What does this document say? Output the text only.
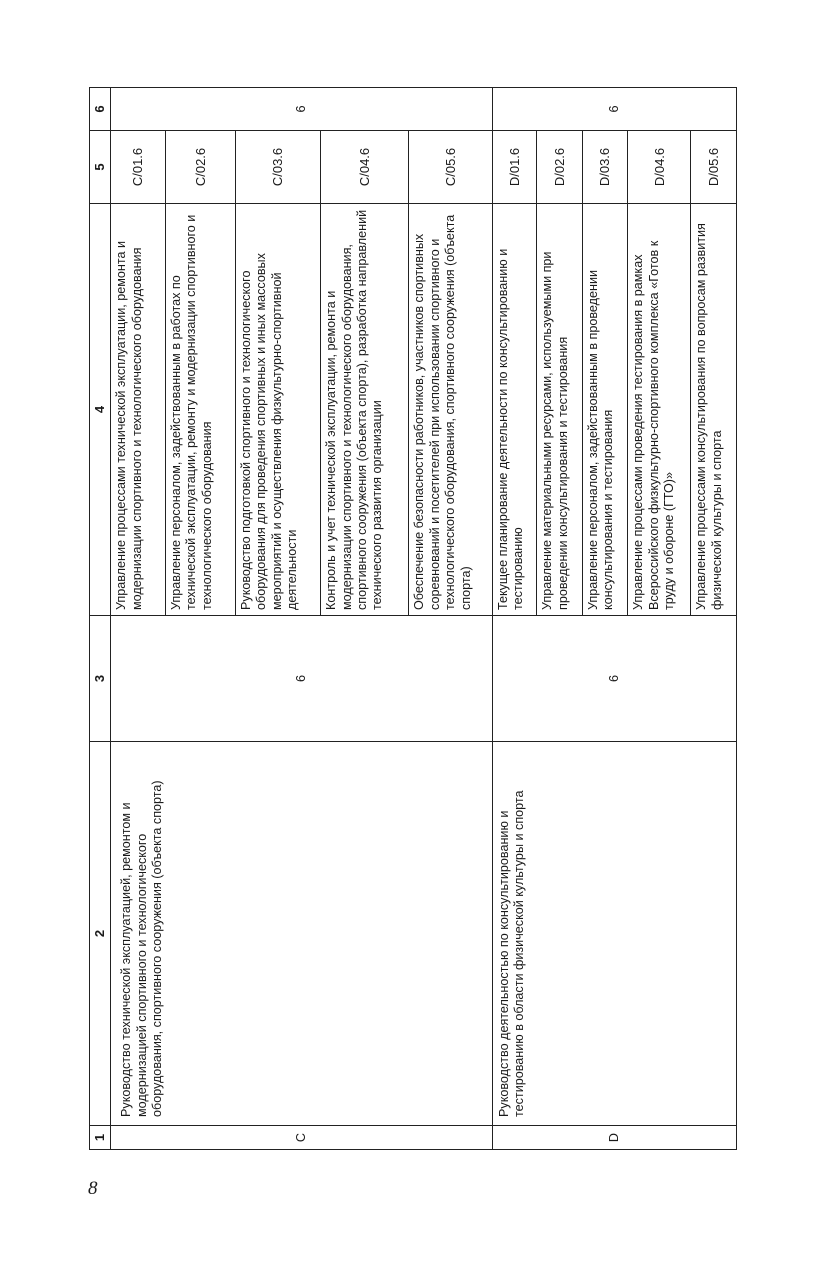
8
1	2	3	4	5	6
C	Руководство технической эксплуатацией, ремонтом и модернизацией спортивного и технологического оборудования, спортивного сооружения (объекта спорта)	6	Управление процессами технической эксплуатации, ремонта и модернизации спортивного и технологического оборудования	C/01.6	6
			Управление персоналом, задействованным в работах по технической эксплуатации, ремонту и модернизации спортивного и технологического оборудования	C/02.6	
			Руководство подготовкой спортивного и технологического оборудования для проведения спортивных и иных массовых мероприятий и осуществления физкультурно-спортивной деятельности	C/03.6	
			Контроль и учет технической эксплуатации, ремонта и модернизации спортивного и технологического оборудования, спортивного сооружения (объекта спорта), разработка направлений технического развития организации	C/04.6	
			Обеспечение безопасности работников, участников спортивных соревнований и посетителей при использовании спортивного и технологического оборудования, спортивного сооружения (объекта спорта)	C/05.6	
D	Руководство деятельностью по консультированию и тестированию в области физической культуры и спорта	6	Текущее планирование деятельности по консультированию и тестированию	D/01.6	6
			Управление материальными ресурсами, используемыми при проведении консультирования и тестирования	D/02.6	
			Управление персоналом, задействованным в проведении консультирования и тестирования	D/03.6	
			Управление процессами проведения тестирования в рамках Всероссийского физкультурно-спортивного комплекса «Готов к труду и обороне (ГТО)»	D/04.6	
			Управление процессами консультирования по вопросам развития физической культуры и спорта	D/05.6	
